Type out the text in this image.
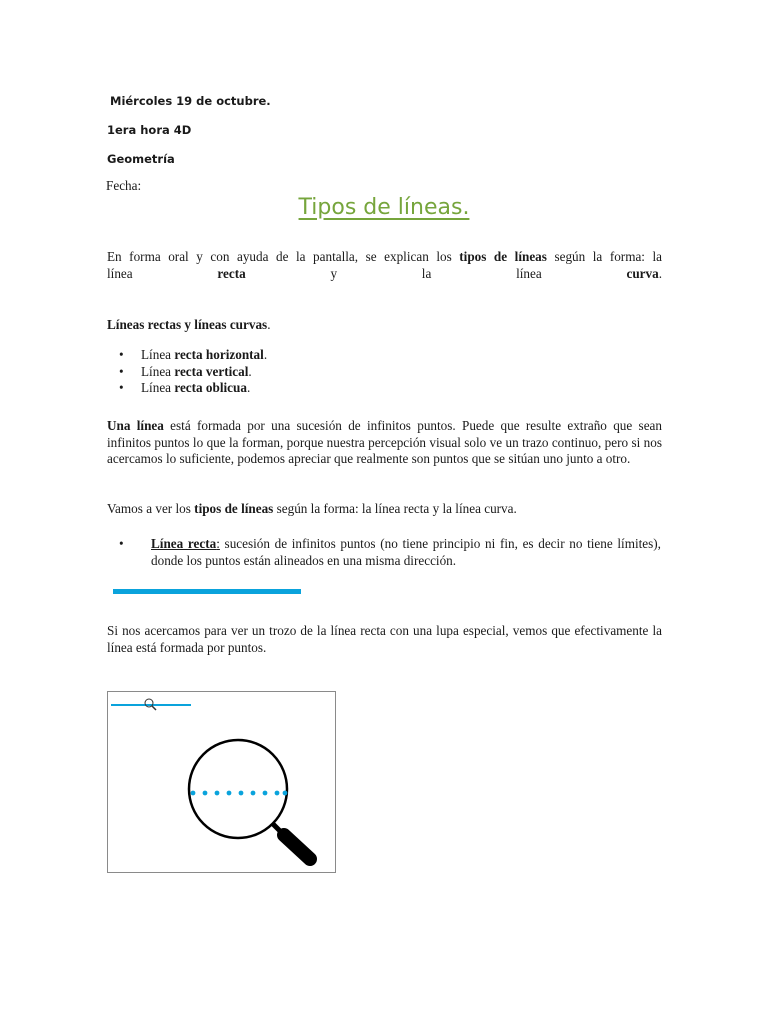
Miércoles 19 de octubre.
1era hora 4D
Geometría
Fecha:
Tipos de líneas.
En forma oral y con ayuda de la pantalla, se explican los tipos de líneas según la forma: la
línea	recta	y	la	línea	curva.
Líneas rectas y líneas curvas.
• Línea recta horizontal.
• Línea recta vertical.
• Línea recta oblicua.
Una línea está formada por una sucesión de infinitos puntos. Puede que resulte extraño que sean infinitos puntos lo que la forman, porque nuestra percepción visual solo ve un trazo continuo, pero si nos acercamos lo suficiente, podemos apreciar que realmente son puntos que se sitúan uno junto a otro.
Vamos a ver los tipos de líneas según la forma: la línea recta y la línea curva.
Línea recta: sucesión de infinitos puntos (no tiene principio ni fin, es decir no tiene límites), donde los puntos están alineados en una misma dirección.
•
Si nos acercamos para ver un trozo de la línea recta con una lupa especial, vemos que efectivamente la línea está formada por puntos.
